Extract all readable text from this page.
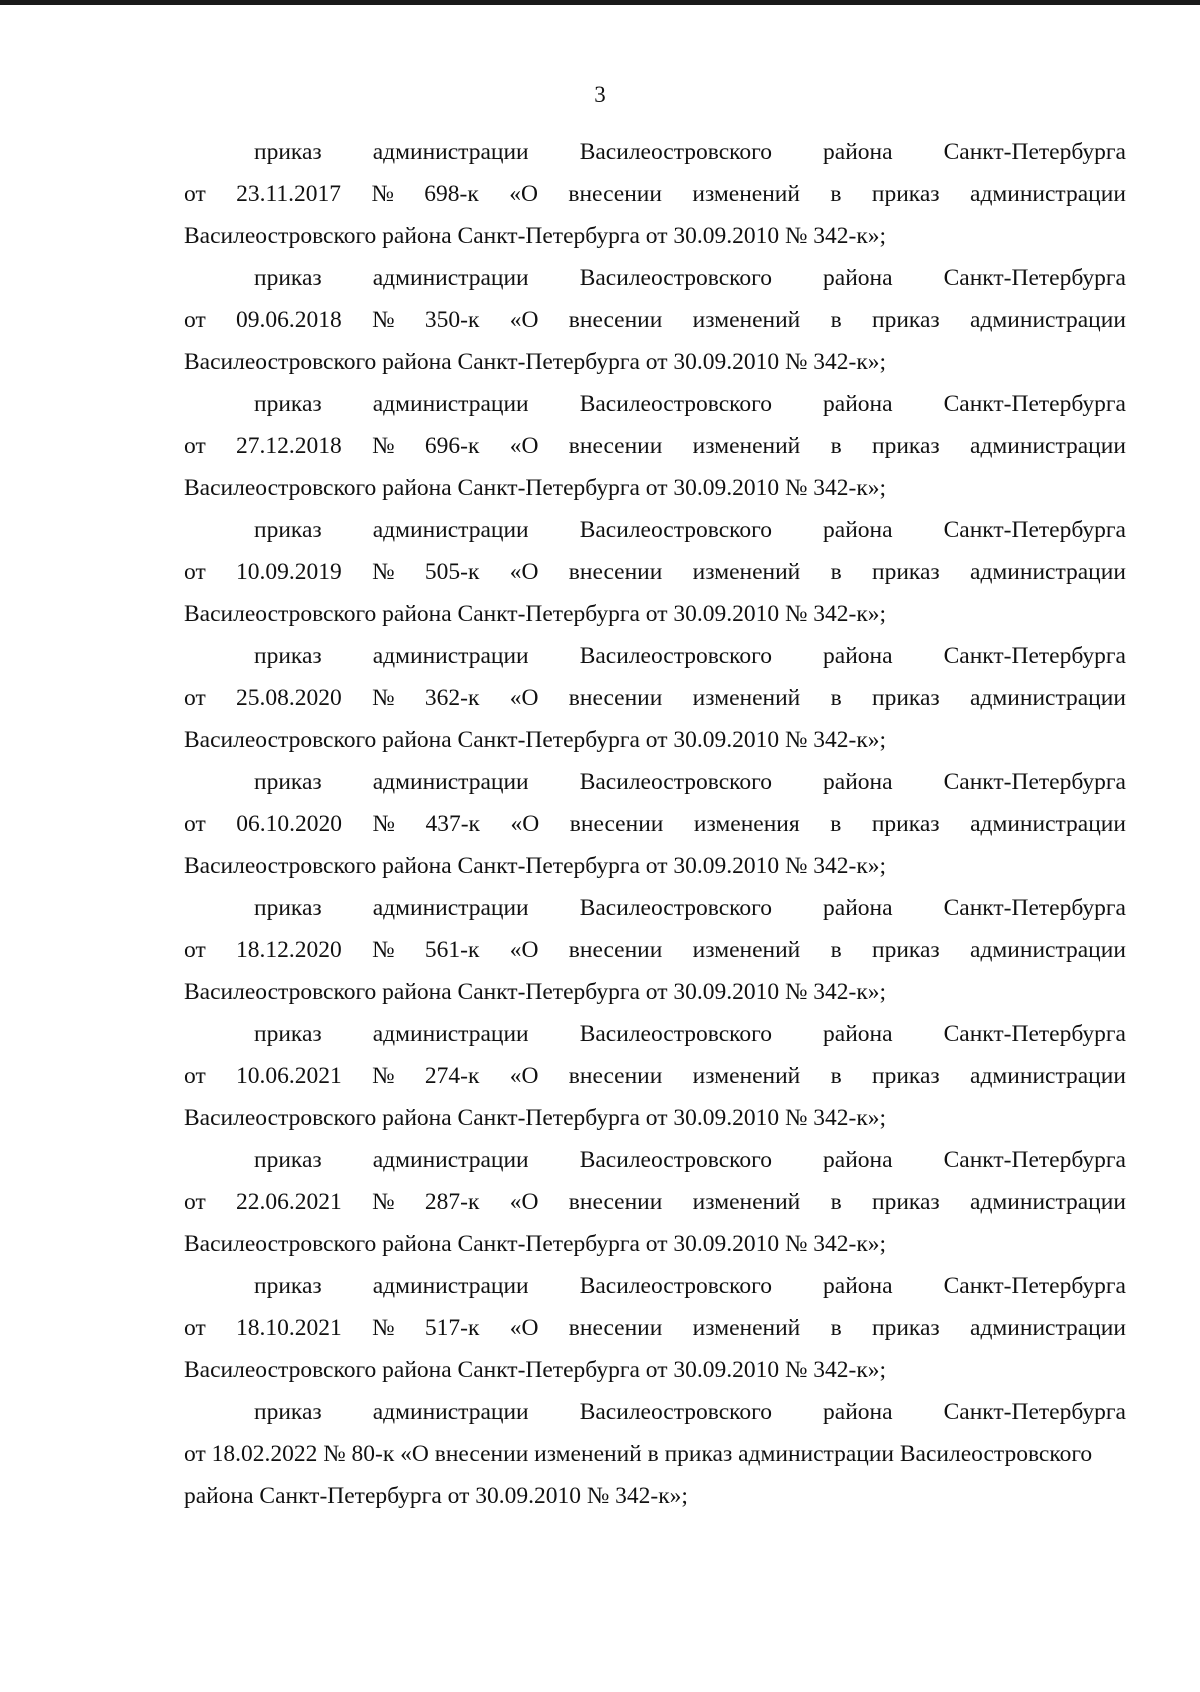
3

приказ администрации Василеостровского района Санкт-Петербурга
от 23.11.2017 № 698-к «О внесении изменений в приказ администрации
Василеостровского района Санкт-Петербурга от 30.09.2010 № 342-к»;

приказ администрации Василеостровского района Санкт-Петербурга
от 09.06.2018 № 350-к «О внесении изменений в приказ администрации
Василеостровского района Санкт-Петербурга от 30.09.2010 № 342-к»;

приказ администрации Василеостровского района Санкт-Петербурга
от 27.12.2018 № 696-к «О внесении изменений в приказ администрации
Василеостровского района Санкт-Петербурга от 30.09.2010 № 342-к»;

приказ администрации Василеостровского района Санкт-Петербурга
от 10.09.2019 № 505-к «О внесении изменений в приказ администрации
Василеостровского района Санкт-Петербурга от 30.09.2010 № 342-к»;

приказ администрации Василеостровского района Санкт-Петербурга
от 25.08.2020 № 362-к «О внесении изменений в приказ администрации
Василеостровского района Санкт-Петербурга от 30.09.2010 № 342-к»;

приказ администрации Василеостровского района Санкт-Петербурга
от 06.10.2020 № 437-к «О внесении изменения в приказ администрации
Василеостровского района Санкт-Петербурга от 30.09.2010 № 342-к»;

приказ администрации Василеостровского района Санкт-Петербурга
от 18.12.2020 № 561-к «О внесении изменений в приказ администрации
Василеостровского района Санкт-Петербурга от 30.09.2010 № 342-к»;

приказ администрации Василеостровского района Санкт-Петербурга
от 10.06.2021 № 274-к «О внесении изменений в приказ администрации
Василеостровского района Санкт-Петербурга от 30.09.2010 № 342-к»;

приказ администрации Василеостровского района Санкт-Петербурга
от 22.06.2021 № 287-к «О внесении изменений в приказ администрации
Василеостровского района Санкт-Петербурга от 30.09.2010 № 342-к»;

приказ администрации Василеостровского района Санкт-Петербурга
от 18.10.2021 № 517-к «О внесении изменений в приказ администрации
Василеостровского района Санкт-Петербурга от 30.09.2010 № 342-к»;

приказ администрации Василеостровского района Санкт-Петербурга
от 18.02.2022 № 80-к «О внесении изменений в приказ администрации Василеостровского
района Санкт-Петербурга от 30.09.2010 № 342-к»;
